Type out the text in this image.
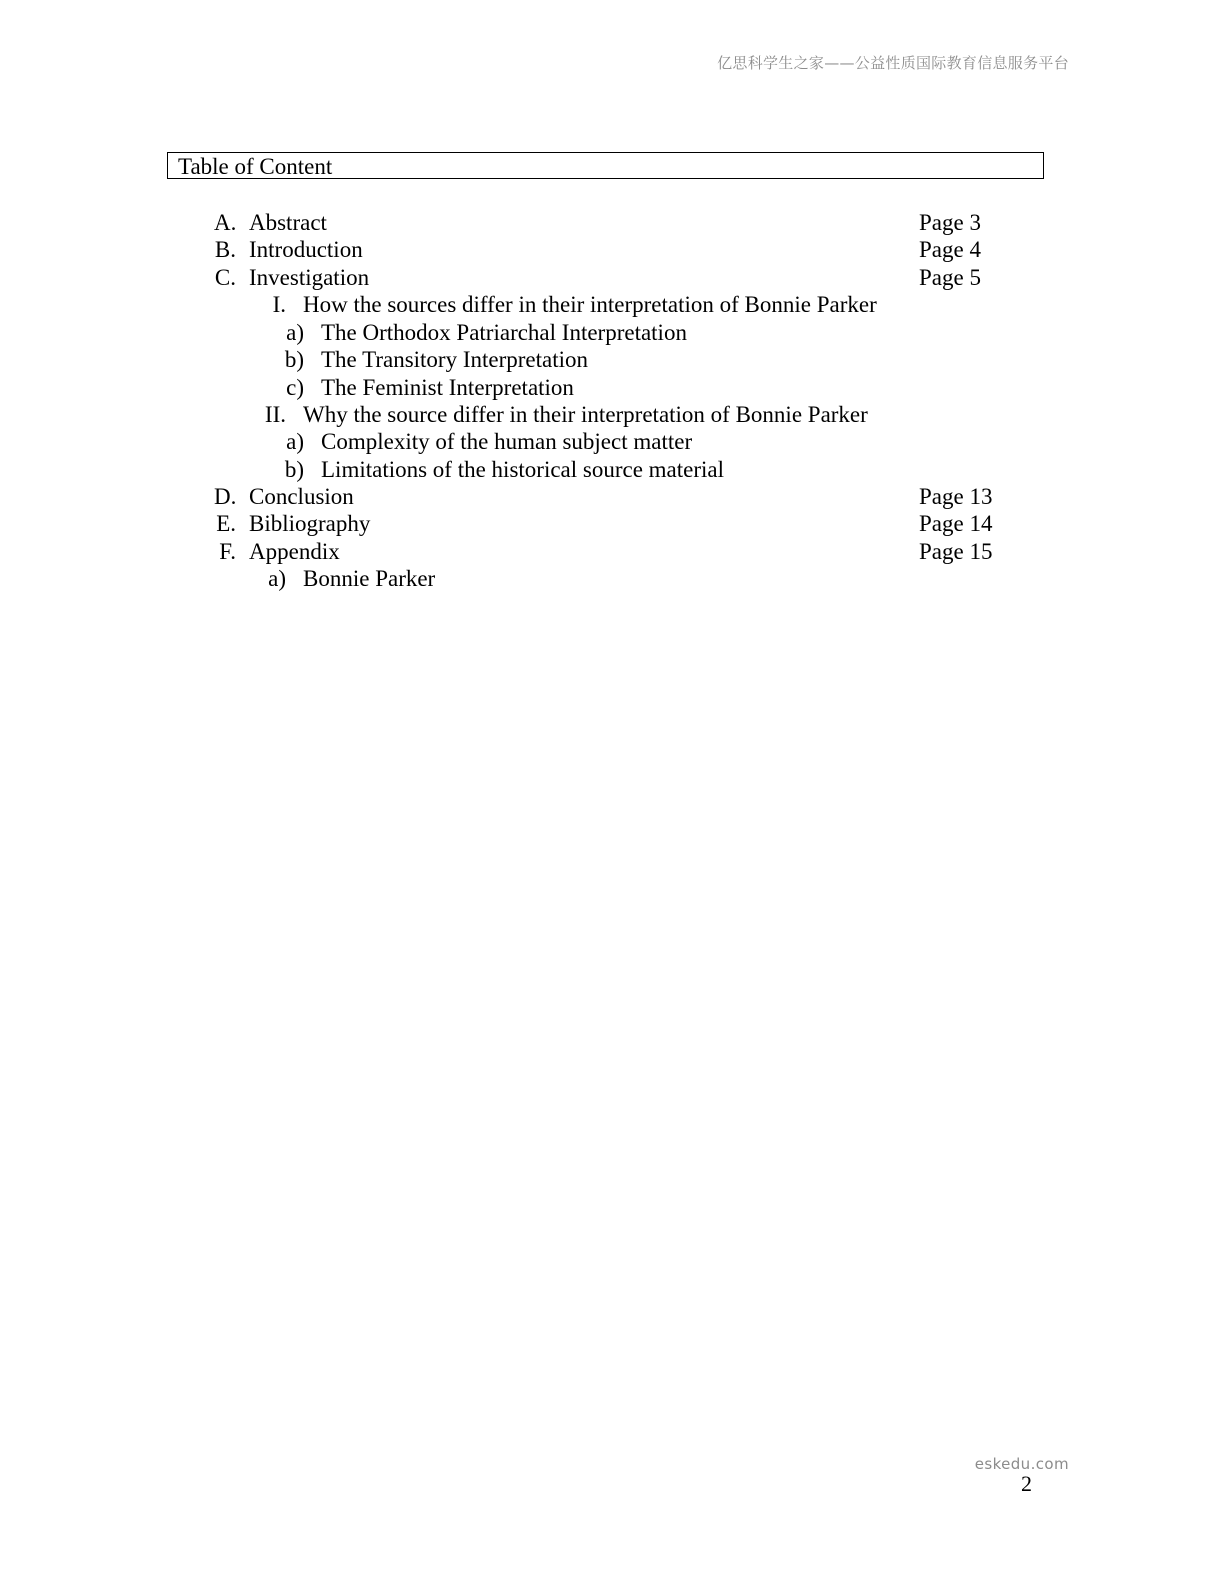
亿思科学生之家——公益性质国际教育信息服务平台
Table of Content
A. Abstract	Page 3
B. Introduction	Page 4
C. Investigation	Page 5
I. How the sources differ in their interpretation of Bonnie Parker
a) The Orthodox Patriarchal Interpretation
b) The Transitory Interpretation
c) The Feminist Interpretation
II. Why the source differ in their interpretation of Bonnie Parker
a) Complexity of the human subject matter
b) Limitations of the historical source material
D. Conclusion	Page 13
E. Bibliography	Page 14
F. Appendix	Page 15
a) Bonnie Parker
eskedu.com
2
